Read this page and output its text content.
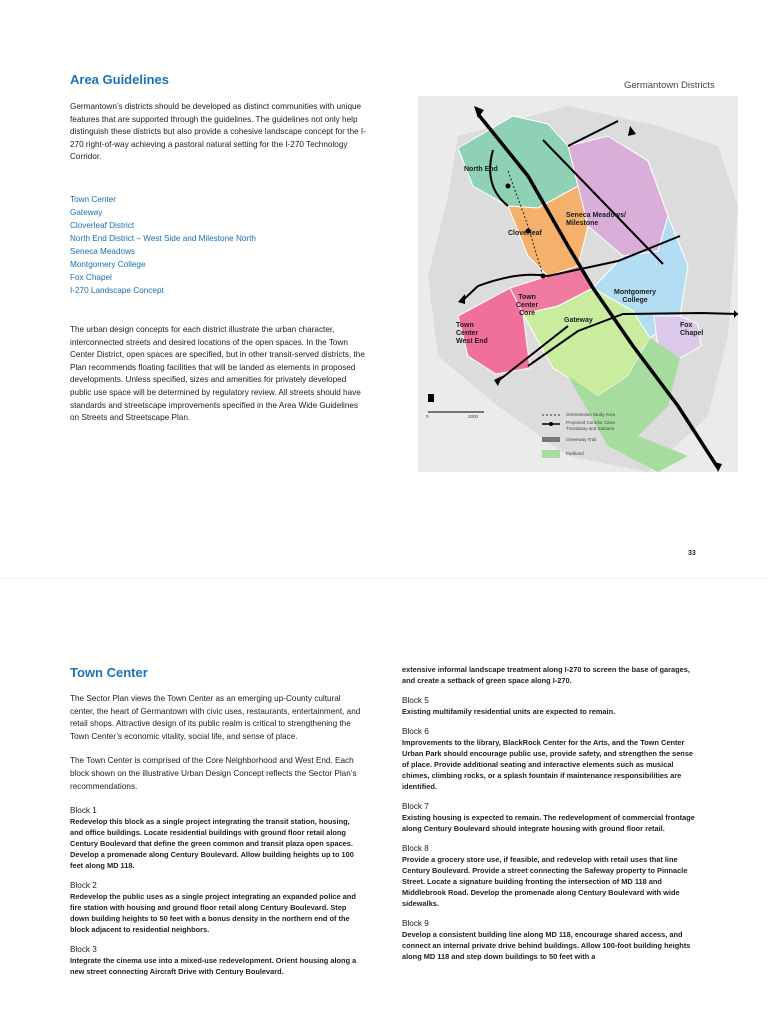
Area Guidelines

Germantown’s districts should be developed as distinct communities with unique features that are supported through the guidelines. The guidelines not only help distinguish these districts but also provide a cohesive landscape concept for the I-270 right-of-way achieving a pastoral natural setting for the I-270 Technology Corridor.

Town Center
Gateway
Cloverleaf District
North End District – West Side and Milestone North
Seneca Meadows
Montgomery College
Fox Chapel
I-270 Landscape Concept

The urban design concepts for each district illustrate the urban character, interconnected streets and desired locations of the open spaces. In the Town Center District, open spaces are specified, but in other transit-served districts, the Plan recommends floating facilities that will be landed as elements in proposed developments. Unless specified, sizes and amenities for privately developed public use space will be determined by regulatory review. All streets should have standards and streetscape improvements specified in the Area Wide Guidelines on Streets and Streetscape Plan.

Germantown Districts
North End
Seneca Meadows/
Milestone
Cloverleaf
Town
Center
Core
Gateway
Montgomery
College
Fox
Chapel
Town
Center
West End
0	2000	Germantown Study Area
Proposed Corridor Cities
Transitway and Stations
Greenway Trail
Parkland
33
Town Center

The Sector Plan views the Town Center as an emerging up-County cultural center, the heart of Germantown with civic uses, restaurants, entertainment, and retail shops. Attractive design of its public realm is critical to strengthening the Town Center’s economic vitality, social life, and sense of place.

The Town Center is comprised of the Core Neighborhood and West End. Each block shown on the illustrative Urban Design Concept reflects the Sector Plan’s recommendations.

Block 1

Redevelop this block as a single project integrating the transit station, housing, and office buildings. Locate residential buildings with ground floor retail along Century Boulevard that define the green common and transit plaza open spaces. Develop a promenade along Century Boulevard. Allow building heights up to 100 feet along MD 118.

Block 2

Redevelop the public uses as a single project integrating an expanded police and fire station with housing and ground floor retail along Century Boulevard. Step down building heights to 50 feet with a bonus density in the northern end of the block adjacent to residential neighbors.

Block 3

Integrate the cinema use into a mixed-use redevelopment. Orient housing along a new street connecting Aircraft Drive with Century Boulevard.

extensive informal landscape treatment along I-270 to screen the base of garages, and create a setback of green space along I-270.

Block 5

Existing multifamily residential units are expected to remain.

Block 6

Improvements to the library, BlackRock Center for the Arts, and the Town Center Urban Park should encourage public use, provide safety, and strengthen the sense of place. Provide additional seating and interactive elements such as musical chimes, climbing rocks, or a splash fountain if maintenance responsibilities are identified.

Block 7

Existing housing is expected to remain. The redevelopment of commercial frontage along Century Boulevard should integrate housing with ground floor retail.

Block 8

Provide a grocery store use, if feasible, and redevelop with retail uses that line Century Boulevard. Provide a street connecting the Safeway property to Pinnacle Street. Locate a signature building fronting the intersection of MD 118 and Middlebrook Road. Develop the promenade along Century Boulevard with wide sidewalks.

Block 9

Develop a consistent building line along MD 118, encourage shared access, and connect an internal private drive behind buildings. Allow 100-foot building heights along MD 118 and step down buildings to 50 feet with a
